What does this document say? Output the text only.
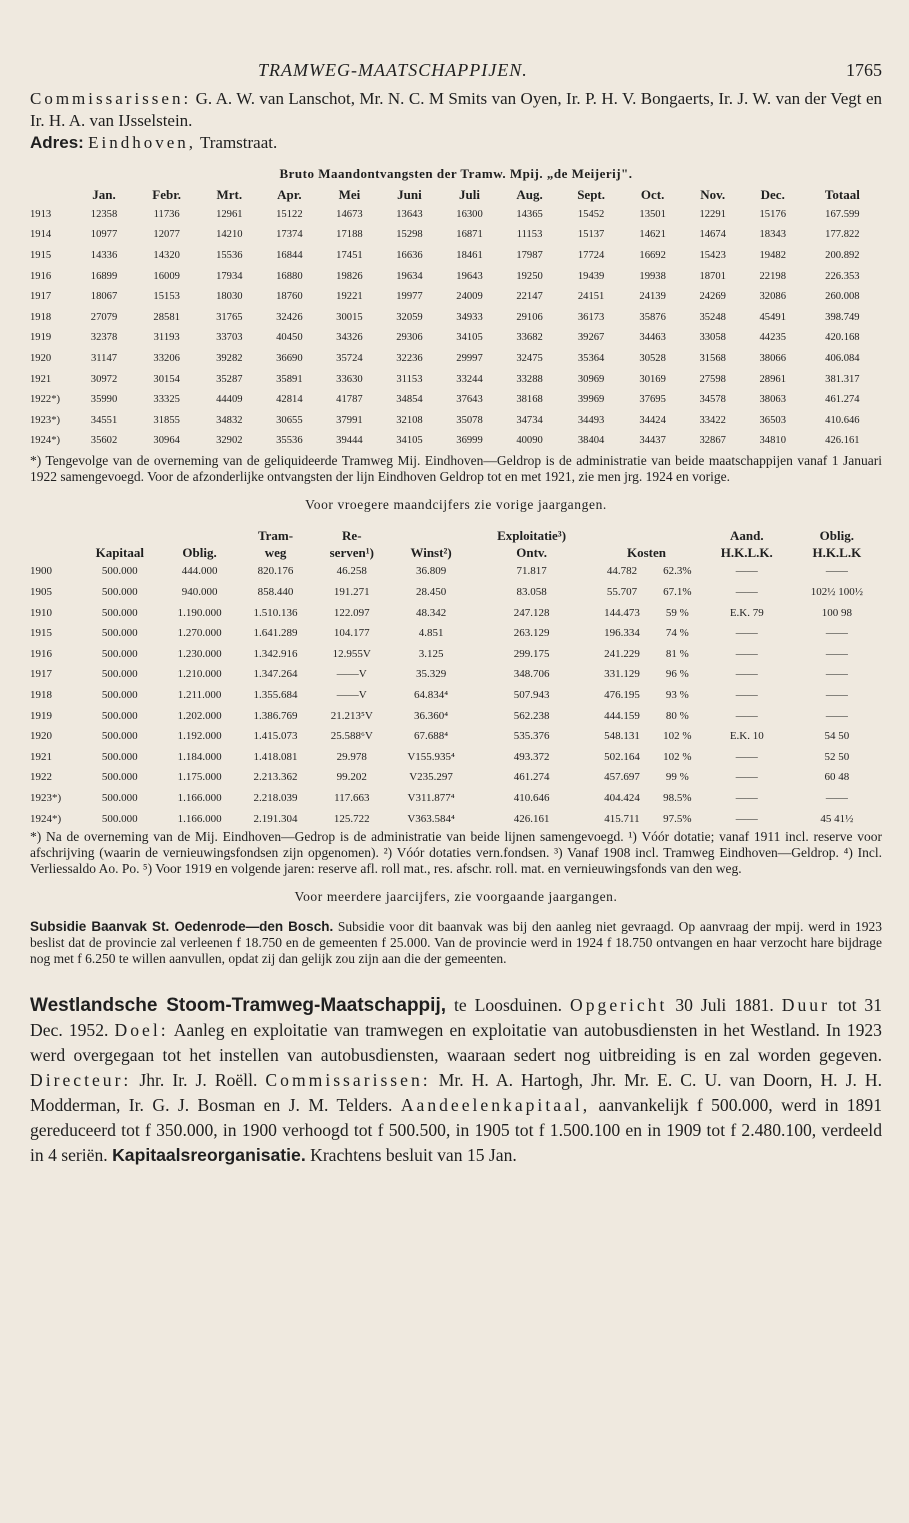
TRAMWEG-MAATSCHAPPIJEN.	1765

Commissarissen: G. A. W. van Lanschot, Mr. N. C. M Smits van Oyen, Ir. P. H. V. Bongaerts, Ir. J. W. van der Vegt en Ir. H. A. van IJsselstein.

Adres: Eindhoven, Tramstraat.

Bruto Maandontvangsten der Tramw. Mpij. „de Meijerij".
	Jan.	Febr.	Mrt.	Apr.	Mei	Juni	Juli	Aug.	Sept.	Oct.	Nov.	Dec.	Totaal
1913	12358	11736	12961	15122	14673	13643	16300	14365	15452	13501	12291	15176	167.599
1914	10977	12077	14210	17374	17188	15298	16871	11153	15137	14621	14674	18343	177.822
1915	14336	14320	15536	16844	17451	16636	18461	17987	17724	16692	15423	19482	200.892
1916	16899	16009	17934	16880	19826	19634	19643	19250	19439	19938	18701	22198	226.353
1917	18067	15153	18030	18760	19221	19977	24009	22147	24151	24139	24269	32086	260.008
1918	27079	28581	31765	32426	30015	32059	34933	29106	36173	35876	35248	45491	398.749
1919	32378	31193	33703	40450	34326	29306	34105	33682	39267	34463	33058	44235	420.168
1920	31147	33206	39282	36690	35724	32236	29997	32475	35364	30528	31568	38066	406.084
1921	30972	30154	35287	35891	33630	31153	33244	33288	30969	30169	27598	28961	381.317
1922*)	35990	33325	44409	42814	41787	34854	37643	38168	39969	37695	34578	38063	461.274
1923*)	34551	31855	34832	30655	37991	32108	35078	34734	34493	34424	33422	36503	410.646
1924*)	35602	30964	32902	35536	39444	34105	36999	40090	38404	34437	32867	34810	426.161

*) Tengevolge van de overneming van de geliquideerde Tramweg Mij. Eindhoven—Geldrop is de administratie van beide maatschappijen vanaf 1 Januari 1922 samengevoegd. Voor de afzonderlijke ontvangsten der lijn Eindhoven Geldrop tot en met 1921, zie men jrg. 1924 en vorige.

Voor vroegere maandcijfers zie vorige jaargangen.
			Tram-	Re-		Exploitatie³)			Aand.	Oblig.
	Kapitaal	Oblig.	weg	serven¹)	Winst²)	Ontv.	Kosten		H.K.L.K.	H.K.L.K
1900	500.000	444.000	820.176	46.258	36.809	71.817	44.782	62.3%	——	——
1905	500.000	940.000	858.440	191.271	28.450	83.058	55.707	67.1%	——	102½ 100½
1910	500.000	1.190.000	1.510.136	122.097	48.342	247.128	144.473	59 %	E.K. 79	100 98
1915	500.000	1.270.000	1.641.289	104.177	4.851	263.129	196.334	74 %	——	——
1916	500.000	1.230.000	1.342.916	12.955V	3.125	299.175	241.229	81 %	——	——
1917	500.000	1.210.000	1.347.264	——V	35.329	348.706	331.129	96 %	——	——
1918	500.000	1.211.000	1.355.684	——V	64.834⁴	507.943	476.195	93 %	——	——
1919	500.000	1.202.000	1.386.769	21.213⁵V	36.360⁴	562.238	444.159	80 %	——	——
1920	500.000	1.192.000	1.415.073	25.588⁶V	67.688⁴	535.376	548.131	102 %	E.K. 10	54 50
1921	500.000	1.184.000	1.418.081	29.978	V155.935⁴	493.372	502.164	102 %	——	52 50
1922	500.000	1.175.000	2.213.362	99.202	V235.297	461.274	457.697	99 %	——	60 48
1923*)	500.000	1.166.000	2.218.039	117.663	V311.877⁴	410.646	404.424	98.5%	——	——
1924*)	500.000	1.166.000	2.191.304	125.722	V363.584⁴	426.161	415.711	97.5%	——	45 41½

*) Na de overneming van de Mij. Eindhoven—Gedrop is de administratie van beide lijnen samengevoegd. ¹) Vóór dotatie; vanaf 1911 incl. reserve voor afschrijving (waarin de vernieuwingsfondsen zijn opgenomen). ²) Vóór dotaties vern.fondsen. ³) Vanaf 1908 incl. Tramweg Eindhoven—Geldrop. ⁴) Incl. Verliessaldo Ao. Po. ⁵) Voor 1919 en volgende jaren: reserve afl. roll mat., res. afschr. roll. mat. en vernieuwingsfonds van den weg.

Voor meerdere jaarcijfers, zie voorgaande jaargangen.

Subsidie Baanvak St. Oedenrode—den Bosch. Subsidie voor dit baanvak was bij den aanleg niet gevraagd. Op aanvraag der mpij. werd in 1923 beslist dat de provincie zal verleenen f 18.750 en de gemeenten f 25.000. Van de provincie werd in 1924 f 18.750 ontvangen en haar verzocht hare bijdrage nog met f 6.250 te willen aanvullen, opdat zij dan gelijk zou zijn aan die der gemeenten.

Westlandsche Stoom-Tramweg-Maatschappij, te Loosduinen. Opgericht 30 Juli 1881. Duur tot 31 Dec. 1952. Doel: Aanleg en exploitatie van tramwegen en exploitatie van autobusdiensten in het Westland. In 1923 werd overgegaan tot het instellen van autobusdiensten, waaraan sedert nog uitbreiding is en zal worden gegeven. Directeur: Jhr. Ir. J. Roëll. Commissarissen: Mr. H. A. Hartogh, Jhr. Mr. E. C. U. van Doorn, H. J. H. Modderman, Ir. G. J. Bosman en J. M. Telders. Aandeelenkapitaal, aanvankelijk f 500.000, werd in 1891 gereduceerd tot f 350.000, in 1900 verhoogd tot f 500.500, in 1905 tot f 1.500.100 en in 1909 tot f 2.480.100, verdeeld in 4 seriën. Kapitaalsreorganisatie. Krachtens besluit van 15 Jan.
